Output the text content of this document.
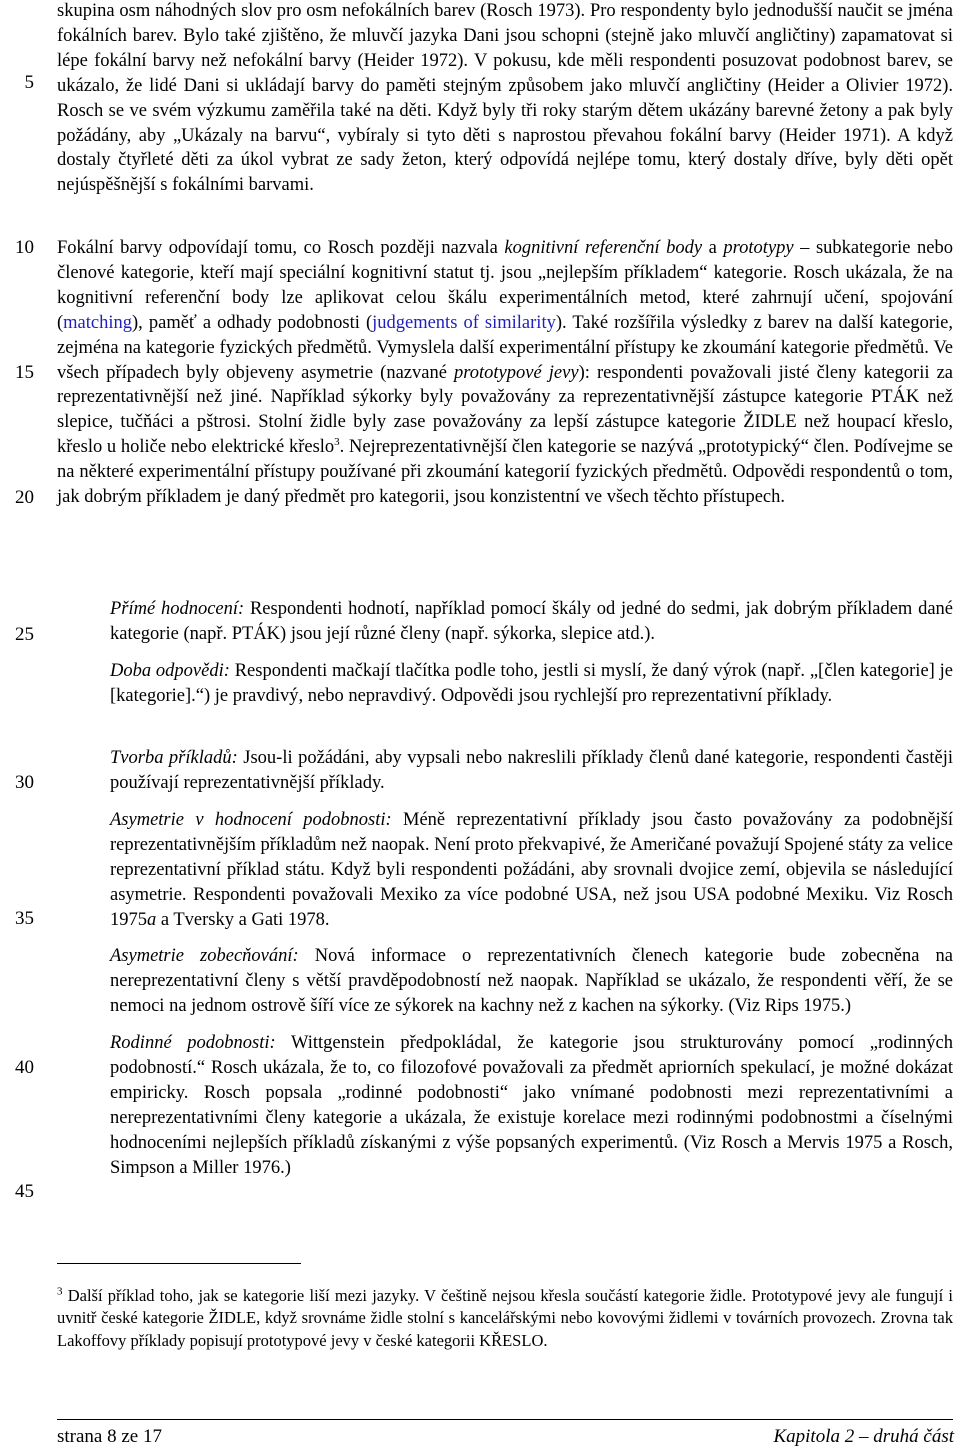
5
10
15
20
25
30
35
40
45
skupina osm náhodných slov pro osm nefokálních barev (Rosch 1973). Pro respondenty bylo jednodušší naučit se jména fokálních barev. Bylo také zjištěno, že mluvčí jazyka Dani jsou schopni (stejně jako mluvčí angličtiny) zapamatovat si lépe fokální barvy než nefokální barvy (Heider 1972). V pokusu, kde měli respondenti posuzovat podobnost barev, se ukázalo, že lidé Dani si ukládají barvy do paměti stejným způsobem jako mluvčí angličtiny (Heider a Olivier 1972). Rosch se ve svém výzkumu zaměřila také na děti. Když byly tři roky starým dětem ukázány barevné žetony a pak byly požádány, aby „Ukázaly na barvu“, vybíraly si tyto děti s naprostou převahou fokální barvy (Heider 1971). A když dostaly čtyřleté děti za úkol vybrat ze sady žeton, který odpovídá nejlépe tomu, který dostaly dříve, byly děti opět nejúspěšnější s fokálními barvami.
Fokální barvy odpovídají tomu, co Rosch později nazvala kognitivní referenční body a prototypy – subkategorie nebo členové kategorie, kteří mají speciální kognitivní statut tj. jsou „nejlepším příkladem“ kategorie. Rosch ukázala, že na kognitivní referenční body lze aplikovat celou škálu experimentálních metod, které zahrnují učení, spojování (matching), paměť a odhady podobnosti (judgements of similarity). Také rozšířila výsledky z barev na další kategorie, zejména na kategorie fyzických předmětů. Vymyslela další experimentální přístupy ke zkoumání kategorie předmětů. Ve všech případech byly objeveny asymetrie (nazvané prototypové jevy): respondenti považovali jisté členy kategorii za reprezentativnější než jiné. Například sýkorky byly považovány za reprezentativnější zástupce kategorie PTÁK než slepice, tučňáci a pštrosi. Stolní židle byly zase považovány za lepší zástupce kategorie ŽIDLE než houpací křeslo, křeslo u holiče nebo elektrické křeslo$^3$. Nejreprezentativnější člen kategorie se nazývá „prototypický“ člen. Podívejme se na některé experimentální přístupy používané při zkoumání kategorií fyzických předmětů. Odpovědi respondentů o tom, jak dobrým příkladem je daný předmět pro kategorii, jsou konzistentní ve všech těchto přístupech.
Přímé hodnocení: Respondenti hodnotí, například pomocí škály od jedné do sedmi, jak dobrým příkladem dané kategorie (např. PTÁK) jsou její různé členy (např. sýkorka, slepice atd.).
Doba odpovědi: Respondenti mačkají tlačítka podle toho, jestli si myslí, že daný výrok (např. „[člen kategorie] je [kategorie].“) je pravdivý, nebo nepravdivý. Odpovědi jsou rychlejší pro reprezentativní příklady.
Tvorba příkladů: Jsou-li požádáni, aby vypsali nebo nakreslili příklady členů dané kategorie, respondenti častěji používají reprezentativnější příklady.
Asymetrie v hodnocení podobnosti: Méně reprezentativní příklady jsou často považovány za podobnější reprezentativnějším příkladům než naopak. Není proto překvapivé, že Američané považují Spojené státy za velice reprezentativní příklad státu. Když byli respondenti požádáni, aby srovnali dvojice zemí, objevila se následující asymetrie. Respondenti považovali Mexiko za více podobné USA, než jsou USA podobné Mexiku. Viz Rosch 1975a a Tversky a Gati 1978.
Asymetrie zobecňování: Nová informace o reprezentativních členech kategorie bude zobecněna na nereprezentativní členy s větší pravděpodobností než naopak. Například se ukázalo, že respondenti věří, že se nemoci na jednom ostrově šíří více ze sýkorek na kachny než z kachen na sýkorky. (Viz Rips 1975.)
Rodinné podobnosti: Wittgenstein předpokládal, že kategorie jsou strukturovány pomocí „rodinných podobností.“ Rosch ukázala, že to, co filozofové považovali za předmět apriorních spekulací, je možné dokázat empiricky. Rosch popsala „rodinné podobnosti“ jako vnímané podobnosti mezi reprezentativními a nereprezentativními členy kategorie a ukázala, že existuje korelace mezi rodinnými podobnostmi a číselnými hodnoceními nejlepších příkladů získanými z výše popsaných experimentů. (Viz Rosch a Mervis 1975 a Rosch, Simpson a Miller 1976.)
$^3$ Další příklad toho, jak se kategorie liší mezi jazyky. V češtině nejsou křesla součástí kategorie židle. Prototypové jevy ale fungují i uvnitř české kategorie ŽIDLE, když srovnáme židle stolní s kancelářskými nebo kovovými židlemi v továrních provozech. Zrovna tak Lakoffovy příklady popisují prototypové jevy v české kategorii KŘESLO.
strana 8 ze 17	Kapitola 2 – druhá část
